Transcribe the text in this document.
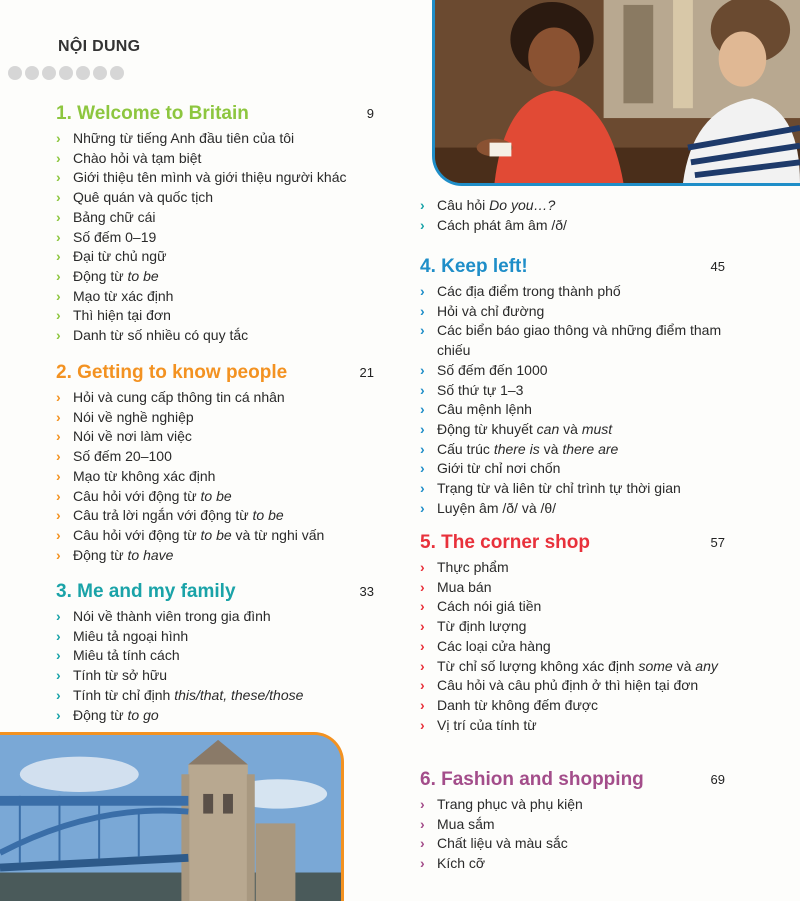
NỘI DUNG
1. Welcome to Britain	9
› Những từ tiếng Anh đầu tiên của tôi
› Chào hỏi và tạm biệt
› Giới thiệu tên mình và giới thiệu người khác
› Quê quán và quốc tịch
› Bảng chữ cái
› Số đếm 0–19
› Đại từ chủ ngữ
› Động từ to be
› Mạo từ xác định
› Thì hiện tại đơn
› Danh từ số nhiều có quy tắc
2. Getting to know people	21
› Hỏi và cung cấp thông tin cá nhân
› Nói về nghề nghiệp
› Nói về nơi làm việc
› Số đếm 20–100
› Mạo từ không xác định
› Câu hỏi với động từ to be
› Câu trả lời ngắn với động từ to be
› Câu hỏi với động từ to be và từ nghi vấn
› Động từ to have
3. Me and my family	33
› Nói về thành viên trong gia đình
› Miêu tả ngoại hình
› Miêu tả tính cách
› Tính từ sở hữu
› Tính từ chỉ định this/that, these/those
› Động từ to go
› Câu hỏi Do you…?
› Cách phát âm âm /ð/
4. Keep left!	45
› Các địa điểm trong thành phố
› Hỏi và chỉ đường
› Các biển báo giao thông và những điểm tham chiếu
› Số đếm đến 1000
› Số thứ tự 1–3
› Câu mệnh lệnh
› Động từ khuyết can và must
› Cấu trúc there is và there are
› Giới từ chỉ nơi chốn
› Trạng từ và liên từ chỉ trình tự thời gian
› Luyện âm /ð/ và /θ/
5. The corner shop	57
› Thực phẩm
› Mua bán
› Cách nói giá tiền
› Từ định lượng
› Các loại cửa hàng
› Từ chỉ số lượng không xác định some và any
› Câu hỏi và câu phủ định ở thì hiện tại đơn
› Danh từ không đếm được
› Vị trí của tính từ
6. Fashion and shopping	69
› Trang phục và phụ kiện
› Mua sắm
› Chất liệu và màu sắc
› Kích cỡ
